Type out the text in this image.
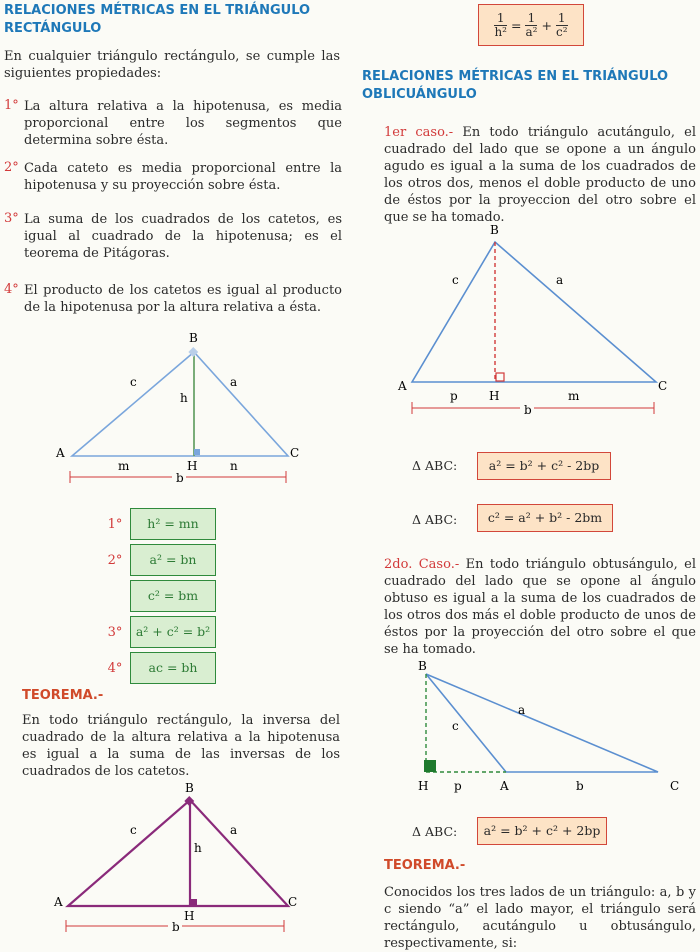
RELACIONES MÉTRICAS EN EL TRIÁNGULO
RECTÁNGULO
En cualquier triángulo rectángulo, se cumple las siguientes propiedades:
1° La altura relativa a la hipotenusa, es media proporcional entre los segmentos que determina sobre ésta.
2° Cada cateto es media proporcional entre la hipotenusa y su proyección sobre ésta.
3° La suma de los cuadrados de los catetos, es igual al cuadrado de la hipotenusa; es el teorema de Pitágoras.
4° El producto de los catetos es igual al producto de la hipotenusa por la altura relativa a ésta.
B
c	a
h
A	C
m	H	n
b
1°	h² = mn
2°	a² = bn
c² = bm
3°	a² + c² = b²
4°	ac = bh
TEOREMA.-
En todo triángulo rectángulo, la inversa del cuadrado de la altura relativa a la hipotenusa es igual a la suma de las inversas de los cuadrados de los catetos.
B
c	a
h
A	C
H
b
$\frac{1}{\text{h²}} = \frac{1}{\text{a²}} + \frac{1}{\text{c²}}$
RELACIONES MÉTRICAS EN EL TRIÁNGULO
OBLICUÁNGULO
1er caso.- En todo triángulo acutángulo, el cuadrado del lado que se opone a un ángulo agudo es igual a la suma de los cuadrados de los otros dos, menos el doble producto de uno de éstos por la proyeccion del otro sobre el que se ha tomado.
B
c	a
A	C
p	H	m
b
Δ ABC:	a² = b² + c² - 2bp
Δ ABC:	c² = a² + b² - 2bm
2do. Caso.- En todo triángulo obtusángulo, el cuadrado del lado que se opone al ángulo obtuso es igual a la suma de los cuadrados de los otros dos más el doble producto de unos de éstos por la proyección del otro sobre el que se ha tomado.
B
a
c
H p	A	b	C
Δ ABC:	a² = b² + c² + 2bp
TEOREMA.-
Conocidos los tres lados de un triángulo: a, b y c siendo “a” el lado mayor, el triángulo será rectángulo, acutángulo u obtusángulo, respectivamente, si:
